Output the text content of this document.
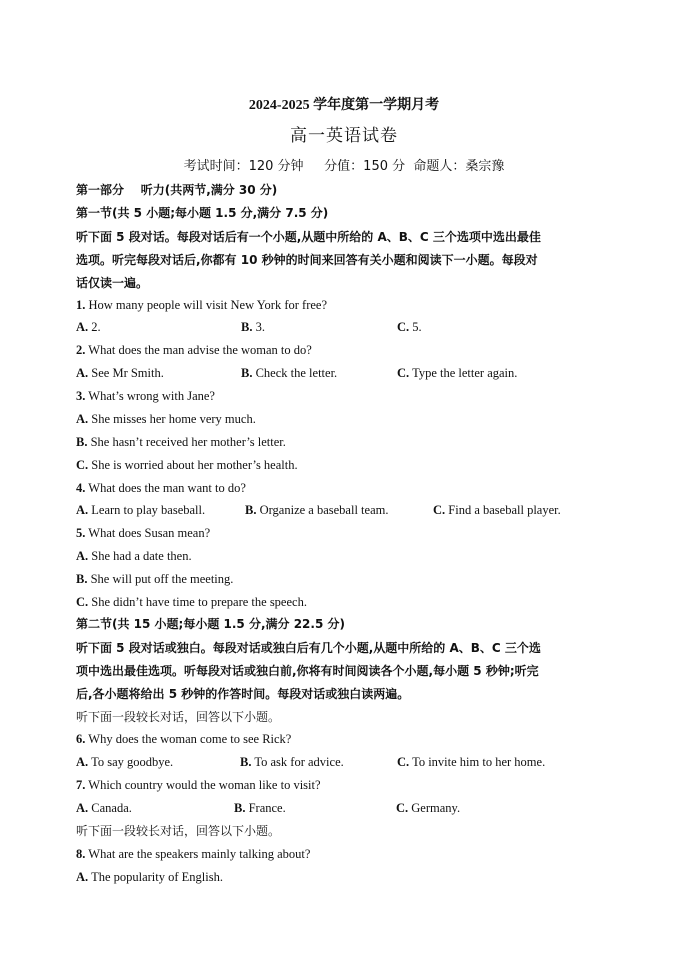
2024-2025 学年度第一学期月考
高一英语试卷
考试时间：120 分钟     分值：150 分  命题人：桑宗豫
第一部分    听力(共两节,满分 30 分)
第一节(共 5 小题;每小题 1.5 分,满分 7.5 分)
听下面 5 段对话。每段对话后有一个小题,从题中所给的 A、B、C 三个选项中选出最佳
选项。听完每段对话后,你都有 10 秒钟的时间来回答有关小题和阅读下一小题。每段对
话仅读一遍。
1. How many people will visit New York for free?
A. 2.	B. 3.	C. 5.
2. What does the man advise the woman to do?
A. See Mr Smith.	B. Check the letter.	C. Type the letter again.
3. What’s wrong with Jane?
A. She misses her home very much.
B. She hasn’t received her mother’s letter.
C. She is worried about her mother’s health.
4. What does the man want to do?
A. Learn to play baseball.	B. Organize a baseball team.	C. Find a baseball player.
5. What does Susan mean?
A. She had a date then.
B. She will put off the meeting.
C. She didn’t have time to prepare the speech.
第二节(共 15 小题;每小题 1.5 分,满分 22.5 分)
听下面 5 段对话或独白。每段对话或独白后有几个小题,从题中所给的 A、B、C 三个选
项中选出最佳选项。听每段对话或独白前,你将有时间阅读各个小题,每小题 5 秒钟;听完
后,各小题将给出 5 秒钟的作答时间。每段对话或独白读两遍。
听下面一段较长对话，回答以下小题。
6. Why does the woman come to see Rick?
A. To say goodbye.	B. To ask for advice.	C. To invite him to her home.
7. Which country would the woman like to visit?
A. Canada.	B. France.	C. Germany.
听下面一段较长对话，回答以下小题。
8. What are the speakers mainly talking about?
A. The popularity of English.
